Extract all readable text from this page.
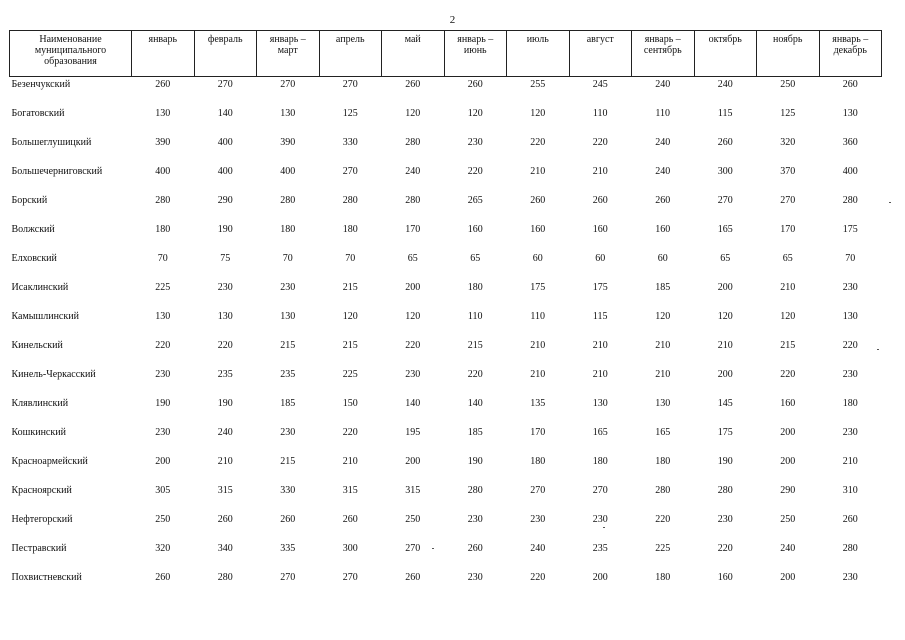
2
Наименование муниципального образования	январь	февраль	январь – март	апрель	май	январь – июнь	июль	август	январь – сентябрь	октябрь	ноябрь	январь – декабрь
Безенчукский	260	270	270	270	260	260	255	245	240	240	250	260
Богатовский	130	140	130	125	120	120	120	110	110	115	125	130
Большеглушицкий	390	400	390	330	280	230	220	220	240	260	320	360
Большечерниговский	400	400	400	270	240	220	210	210	240	300	370	400
Борский	280	290	280	280	280	265	260	260	260	270	270	280
Волжский	180	190	180	180	170	160	160	160	160	165	170	175
Елховский	70	75	70	70	65	65	60	60	60	65	65	70
Исаклинский	225	230	230	215	200	180	175	175	185	200	210	230
Камышлинский	130	130	130	120	120	110	110	115	120	120	120	130
Кинельский	220	220	215	215	220	215	210	210	210	210	215	220
Кинель-Черкасский	230	235	235	225	230	220	210	210	210	200	220	230
Клявлинский	190	190	185	150	140	140	135	130	130	145	160	180
Кошкинский	230	240	230	220	195	185	170	165	165	175	200	230
Красноармейский	200	210	215	210	200	190	180	180	180	190	200	210
Красноярский	305	315	330	315	315	280	270	270	280	280	290	310
Нефтегорский	250	260	260	260	250	230	230	230	220	230	250	260
Пестравский	320	340	335	300	270	260	240	235	225	220	240	280
Похвистневский	260	280	270	270	260	230	220	200	180	160	200	230
